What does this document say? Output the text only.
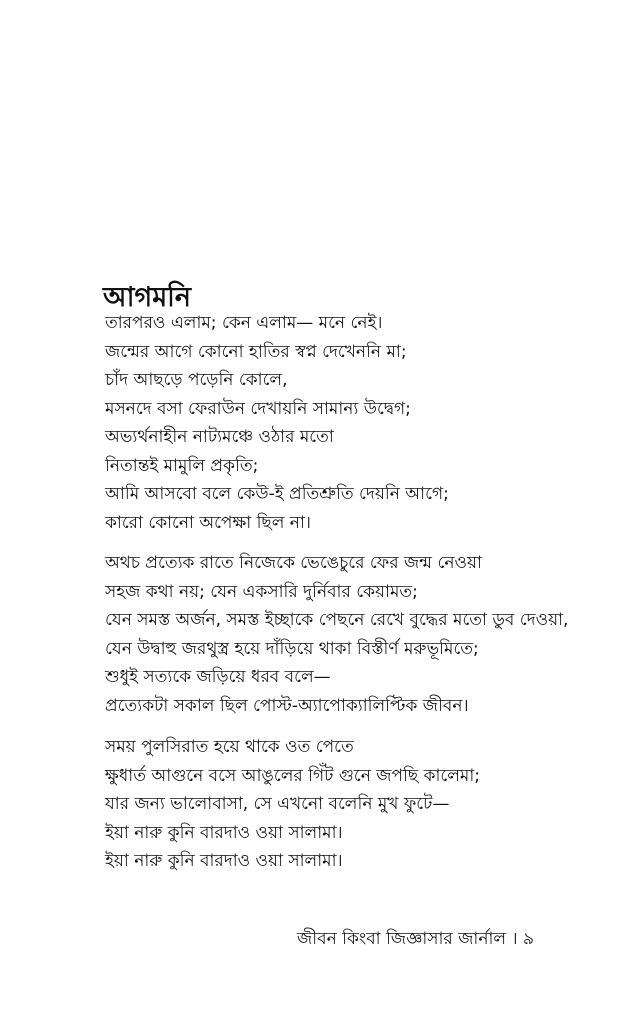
আগমনি
তারপরও এলাম; কেন এলাম— মনে নেই।
জন্মের আগে কোনো হাতির স্বপ্ন দেখেননি মা;
চাঁদ আছড়ে পড়েনি কোলে,
মসনদে বসা ফেরাউন দেখায়নি সামান্য উদ্বেগ;
অভ্যর্থনাহীন নাট্যমঞ্চে ওঠার মতো
নিতান্তই মামুলি প্রকৃতি;
আমি আসবো বলে কেউ-ই প্রতিশ্রুতি দেয়নি আগে;
কারো কোনো অপেক্ষা ছিল না।
অথচ প্রত্যেক রাতে নিজেকে ভেঙেচুরে ফের জন্ম নেওয়া
সহজ কথা নয়; যেন একসারি দুর্নিবার কেয়ামত;
যেন সমস্ত অর্জন, সমস্ত ইচ্ছাকে পেছনে রেখে বুদ্ধের মতো ডুব দেওয়া,
যেন উদ্বাহু জরথুস্ত্র হয়ে দাঁড়িয়ে থাকা বিস্তীর্ণ মরুভূমিতে;
শুধুই সত্যকে জড়িয়ে ধরব বলে—
প্রত্যেকটা সকাল ছিল পোস্ট-অ্যাপোক্যালিপ্টিক জীবন।
সময় পুলসিরাত হয়ে থাকে ওত পেতে
ক্ষুধার্ত আগুনে বসে আঙুলের গিঁট গুনে জপছি কালেমা;
যার জন্য ভালোবাসা, সে এখনো বলেনি মুখ ফুটে—
ইয়া নারু কুনি বারদাও ওয়া সালামা।
ইয়া নারু কুনি বারদাও ওয়া সালামা।
জীবন কিংবা জিজ্ঞাসার জার্নাল । ৯
